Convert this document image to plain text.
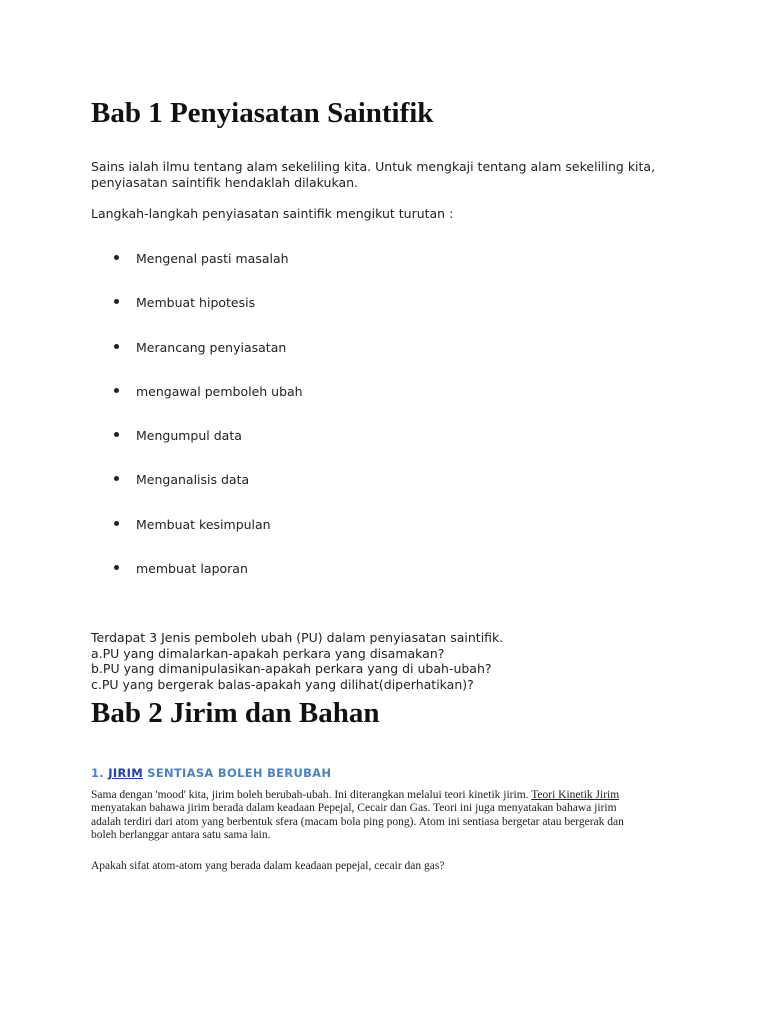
Bab 1 Penyiasatan Saintifik
Sains ialah ilmu tentang alam sekeliling kita. Untuk mengkaji tentang alam sekeliling kita,
penyiasatan saintifik hendaklah dilakukan.
Langkah-langkah penyiasatan saintifik mengikut turutan :
Mengenal pasti masalah
Membuat hipotesis
Merancang penyiasatan
mengawal pemboleh ubah
Mengumpul data
Menganalisis data
Membuat kesimpulan
membuat laporan
Terdapat 3 Jenis pemboleh ubah (PU) dalam penyiasatan saintifik.
a.PU yang dimalarkan-apakah perkara yang disamakan?
b.PU yang dimanipulasikan-apakah perkara yang di ubah-ubah?
c.PU yang bergerak balas-apakah yang dilihat(diperhatikan)?
Bab 2 Jirim dan Bahan
1. JIRIM SENTIASA BOLEH BERUBAH
Sama dengan 'mood' kita, jirim boleh berubah-ubah. Ini diterangkan melalui teori kinetik jirim. Teori Kinetik Jirim
menyatakan bahawa jirim berada dalam keadaan Pepejal, Cecair dan Gas. Teori ini juga menyatakan bahawa jirim
adalah terdiri dari atom yang berbentuk sfera (macam bola ping pong). Atom ini sentiasa bergetar atau bergerak dan
boleh berlanggar antara satu sama lain.
Apakah sifat atom-atom yang berada dalam keadaan pepejal, cecair dan gas?
